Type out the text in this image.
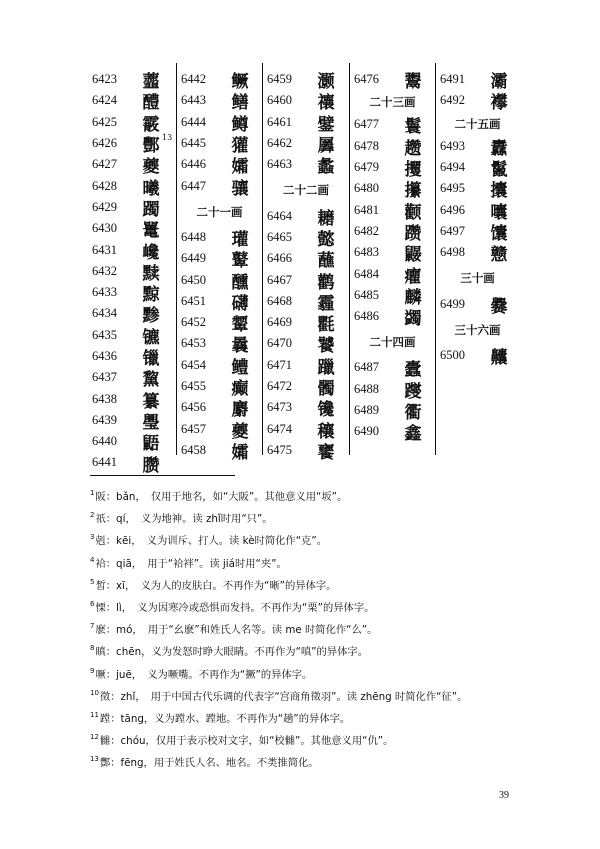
6423	虀
6424	醴
6425	霰
6426	酆 13
6427	夔
6428	曦
6429	躅
6430	鼍
6431	巉
6432	黩
6433	黥
6434	黪
6435	镳
6436	镴
6437	黧
6438	纂
6439	璺
6440	鼯
6441	臜
6442	鳜
6443	鳝
6444	鳟
6445	獾
6446	孀
6447	骧
二十一画
6448	瓘
6449	鼙
6450	醺
6451	礴
6452	颦
6453	曩
6454	鳢
6455	癫
6456	麝
6457	夔
6458	孀
6459	灏
6460	禳
6461	鐾
6462	羼
6463	蠡
二十二画
6464	耱
6465	懿
6466	蘸
6467	鹳
6468	霾
6469	氍
6470	饕
6471	躐
6472	髑
6473	镵
6474	穰
6475	饔
6476	鬻
二十三画
6477	鬟
6478	趱
6479	攫
6480	攥
6481	颧
6482	躜
6483	鼹
6484	癯
6485	麟
6486	蠲
二十四画
6487	蠹
6488	躞
6489	衢
6490	鑫
6491	灞
6492	襻
二十五画
6493	纛
6494	鬣
6495	攮
6496	囔
6497	馕
6498	戆
三十画
6499	爨
三十六画
6500	齉
$^1$阪：bǎn，　仅用于地名，如“大阪”。其他意义用“坂”。
$^2$祇：qí，　义为地神。读 zhǐ时用“只”。
$^3$剋：kēi，　义为训斥、打人。读 kè时简化作“克”。
$^4$袷：qiā，　用于“袷袢”。读 jiá时用“夹”。
$^5$皙：xī，　义为人的皮肤白。不再作为“晰”的异体字。
$^6$慄：lì，　义为因寒冷或恐惧而发抖。不再作为“栗”的异体字。
$^7$麽：mó，　用于“幺麽”和姓氏人名等。读 me 时简化作“么”。
$^8$瞋：chēn，义为发怒时睁大眼睛。不再作为“嗔”的异体字。
$^9$噘：juē，　义为噘嘴。不再作为“撅”的异体字。
$^{10}$徵：zhǐ，　用于中国古代乐调的代表字“宫商角徵羽”。读 zhēng 时简化作“征”。
$^{11}$蹚：tāng，义为蹚水、蹚地。不再作为“趟”的异体字。
$^{12}$雠：chóu，仅用于表示校对文字，如“校雠”。其他意义用“仇”。
$^{13}$酆：fēng，用于姓氏人名、地名。不类推简化。
39
